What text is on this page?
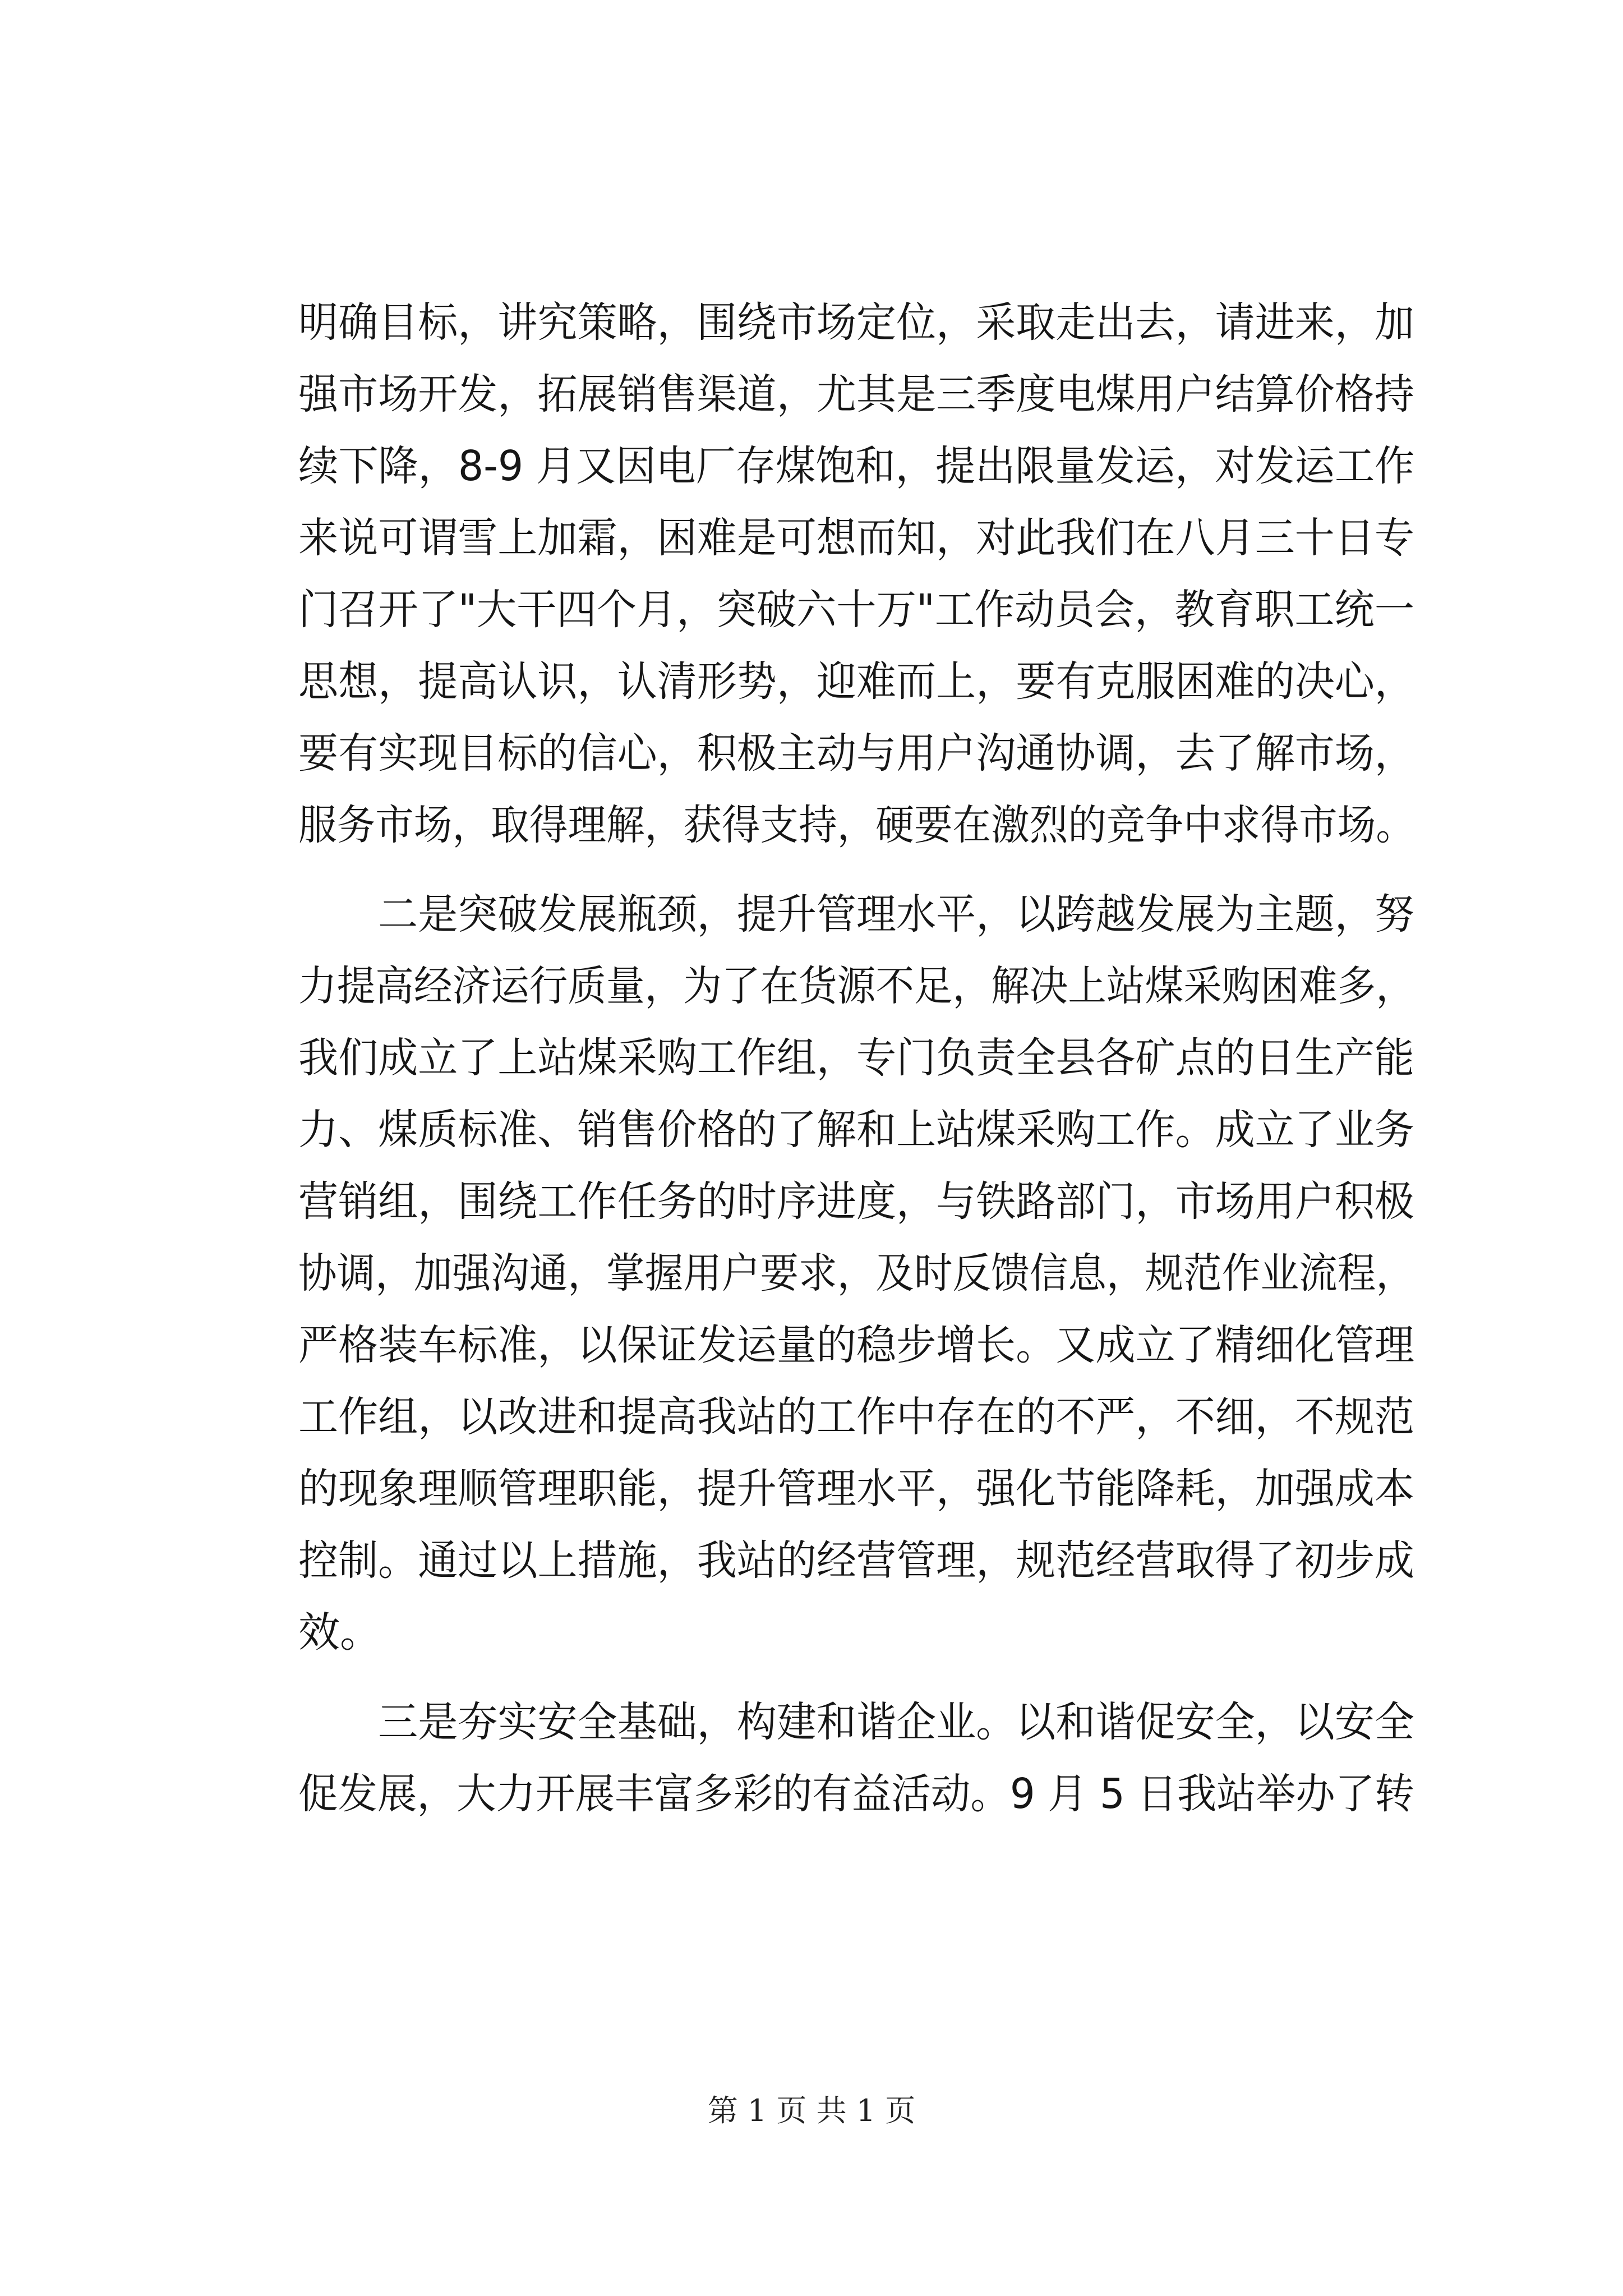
明确目标，讲究策略，围绕市场定位，采取走出去，请进来，加
强市场开发，拓展销售渠道，尤其是三季度电煤用户结算价格持
续下降，8-9 月又因电厂存煤饱和，提出限量发运，对发运工作
来说可谓雪上加霜，困难是可想而知，对此我们在八月三十日专
门召开了"大干四个月，突破六十万"工作动员会，教育职工统一
思想，提高认识，认清形势，迎难而上，要有克服困难的决心，
要有实现目标的信心，积极主动与用户沟通协调，去了解市场，
服务市场，取得理解，获得支持，硬要在激烈的竞争中求得市场。
　　二是突破发展瓶颈，提升管理水平，以跨越发展为主题，努
力提高经济运行质量，为了在货源不足，解决上站煤采购困难多，
我们成立了上站煤采购工作组，专门负责全县各矿点的日生产能
力、煤质标准、销售价格的了解和上站煤采购工作。成立了业务
营销组，围绕工作任务的时序进度，与铁路部门，市场用户积极
协调，加强沟通，掌握用户要求，及时反馈信息，规范作业流程，
严格装车标准，以保证发运量的稳步增长。又成立了精细化管理
工作组，以改进和提高我站的工作中存在的不严，不细，不规范
的现象理顺管理职能，提升管理水平，强化节能降耗，加强成本
控制。通过以上措施，我站的经营管理，规范经营取得了初步成
效。
　　三是夯实安全基础，构建和谐企业。以和谐促安全，以安全
促发展，大力开展丰富多彩的有益活动。9 月 5 日我站举办了转
第 1 页 共 1 页
